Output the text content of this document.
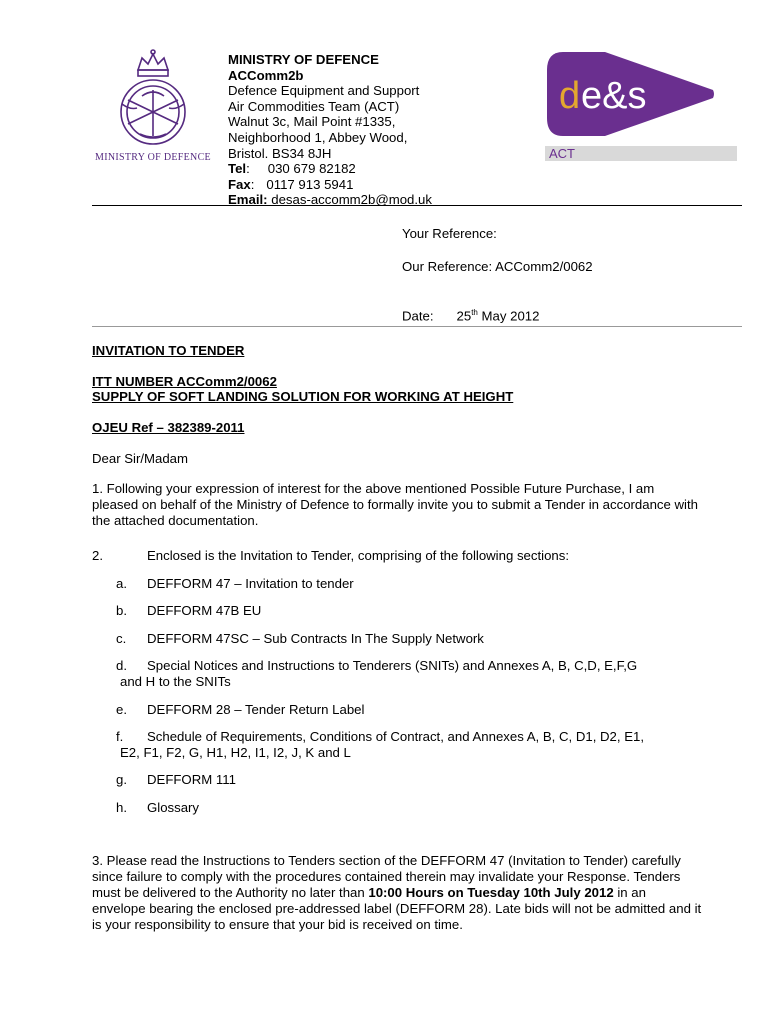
MINISTRY OF DEFENCE
MINISTRY OF DEFENCE
ACComm2b
Defence Equipment and Support
Air Commodities Team (ACT)
Walnut 3c, Mail Point #1335,
Neighborhood 1, Abbey Wood,
Bristol. BS34 8JH
Tel: 030 679 82182
Fax: 0117 913 5941
Email: desas-accomm2b@mod.uk
d e&s
ACT
Your Reference:
Our Reference: ACComm2/0062
Date: 25th May 2012
INVITATION TO TENDER
ITT NUMBER ACComm2/0062
SUPPLY OF SOFT LANDING SOLUTION FOR WORKING AT HEIGHT
OJEU Ref – 382389-2011
Dear Sir/Madam
1. Following your expression of interest for the above mentioned Possible Future Purchase, I am pleased on behalf of the Ministry of Defence to formally invite you to submit a Tender in accordance with the attached documentation.
2.	Enclosed is the Invitation to Tender, comprising of the following sections:
a. DEFFORM 47 – Invitation to tender
b. DEFFORM 47B EU
c. DEFFORM 47SC – Sub Contracts In The Supply Network
d. Special Notices and Instructions to Tenderers (SNITs) and Annexes A, B, C,D, E,F,G
and H to the SNITs
e. DEFFORM 28 – Tender Return Label
f. Schedule of Requirements, Conditions of Contract, and Annexes A, B, C, D1, D2, E1,
E2, F1, F2, G, H1, H2, I1, I2, J, K and L
g. DEFFORM 111
h. Glossary
3. Please read the Instructions to Tenders section of the DEFFORM 47 (Invitation to Tender) carefully since failure to comply with the procedures contained therein may invalidate your Response. Tenders must be delivered to the Authority no later than 10:00 Hours on Tuesday 10th July 2012 in an envelope bearing the enclosed pre-addressed label (DEFFORM 28). Late bids will not be admitted and it is your responsibility to ensure that your bid is received on time.
